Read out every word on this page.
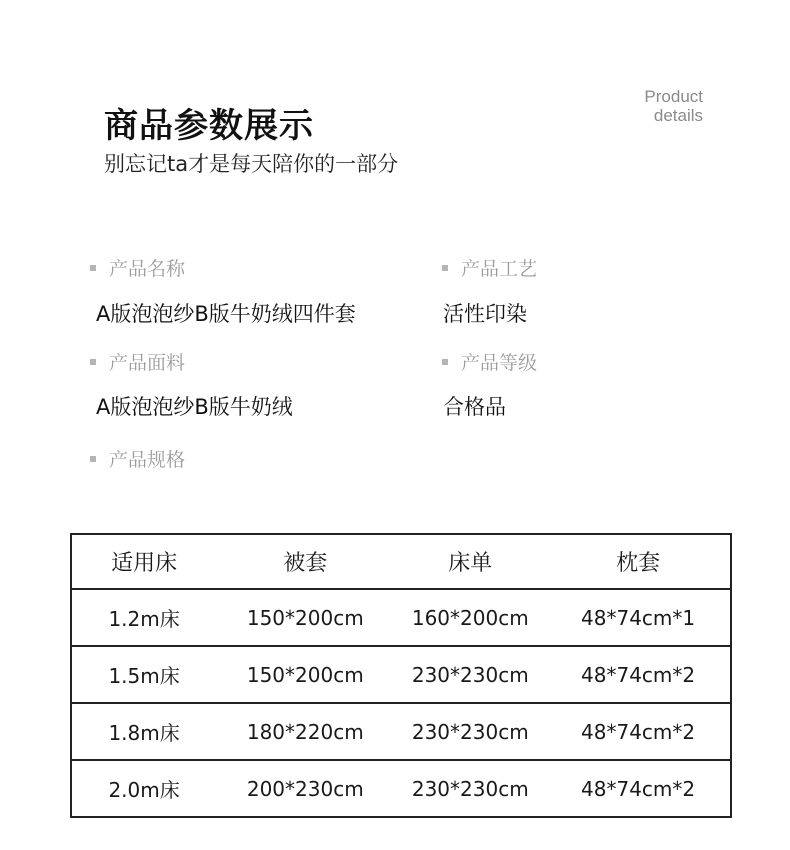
商品参数展示
别忘记ta才是每天陪你的一部分
Product
details
产品名称
A版泡泡纱B版牛奶绒四件套
产品工艺
活性印染
产品面料
A版泡泡纱B版牛奶绒
产品等级
合格品
产品规格
适用床	被套	床单	枕套
1.2m床	150*200cm	160*200cm	48*74cm*1
1.5m床	150*200cm	230*230cm	48*74cm*2
1.8m床	180*220cm	230*230cm	48*74cm*2
2.0m床	200*230cm	230*230cm	48*74cm*2
